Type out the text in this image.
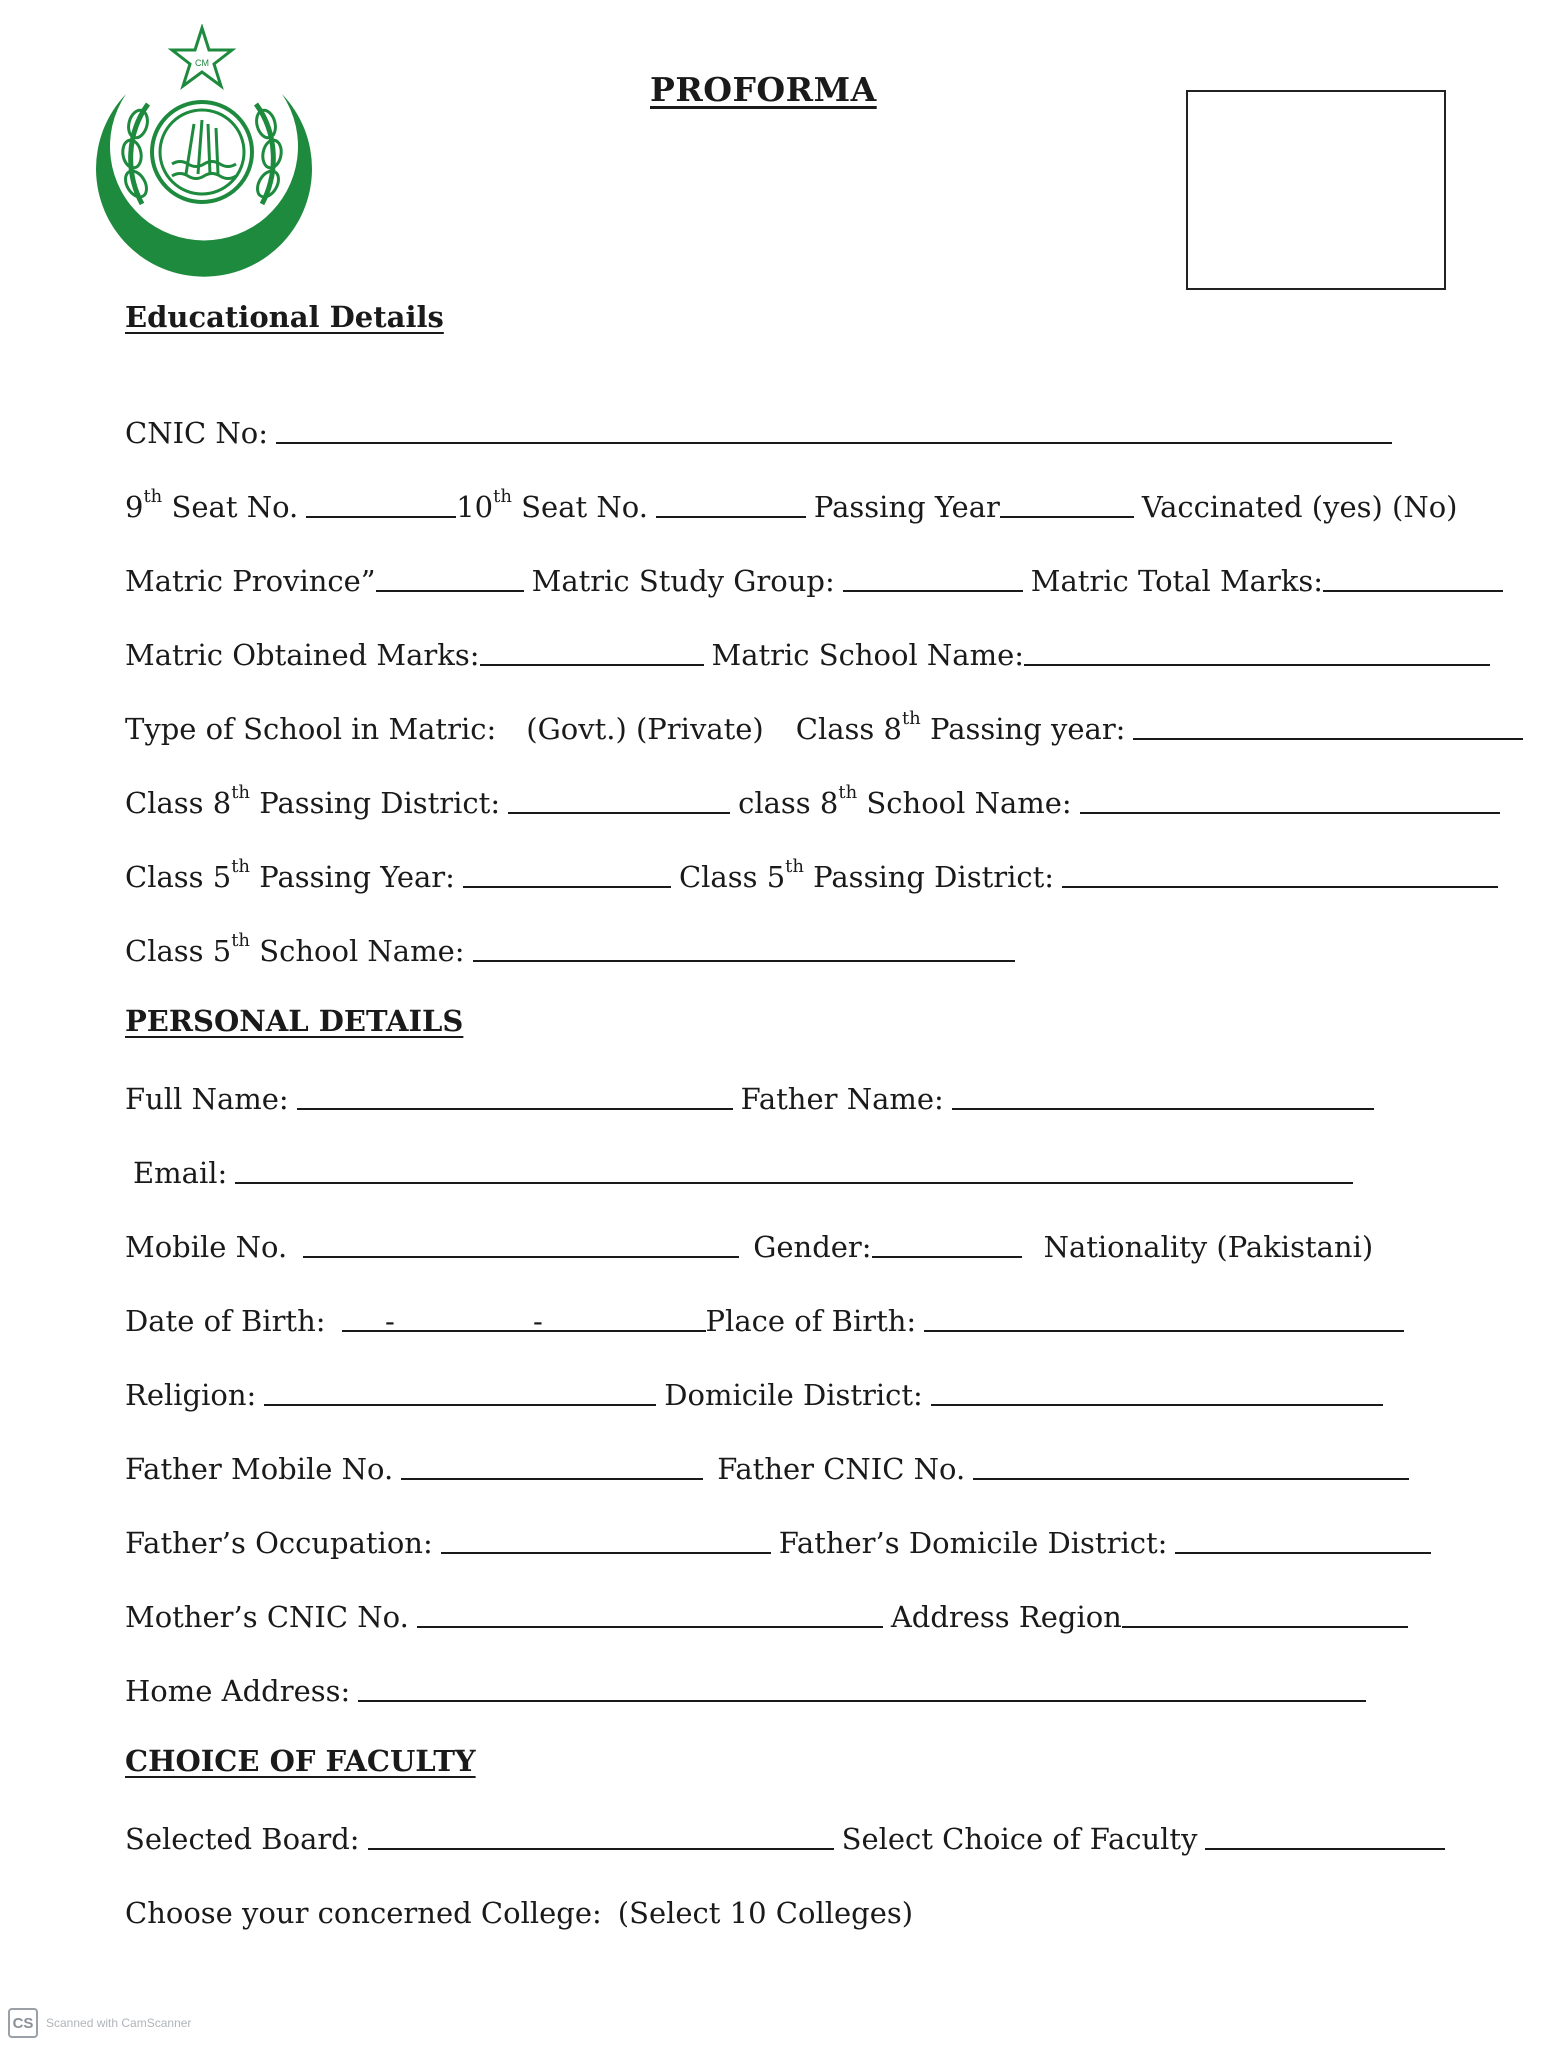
CM
حکومت سندھ
PROFORMA
Educational Details
CNIC No:
9th Seat No.	10th Seat No.	Passing Year	Vaccinated (yes) (No)
Matric Province”	Matric Study Group:	Matric Total Marks:
Matric Obtained Marks:	Matric School Name:
Type of School in Matric: (Govt.) (Private) Class 8th Passing year:
Class 8th Passing District:	class 8th School Name:
Class 5th Passing Year:	Class 5th Passing District:
Class 5th School Name:
PERSONAL DETAILS
Full Name:	Father Name:
Email:
Mobile No.	Gender:	Nationality (Pakistani)
Date of Birth: -	-	Place of Birth:
Religion:	Domicile District:
Father Mobile No.	Father CNIC No.
Father’s Occupation:	Father’s Domicile District:
Mother’s CNIC No.	Address Region
Home Address:
CHOICE OF FACULTY
Selected Board:	Select Choice of Faculty
Choose your concerned College: (Select 10 Colleges)
CS	Scanned with CamScanner
